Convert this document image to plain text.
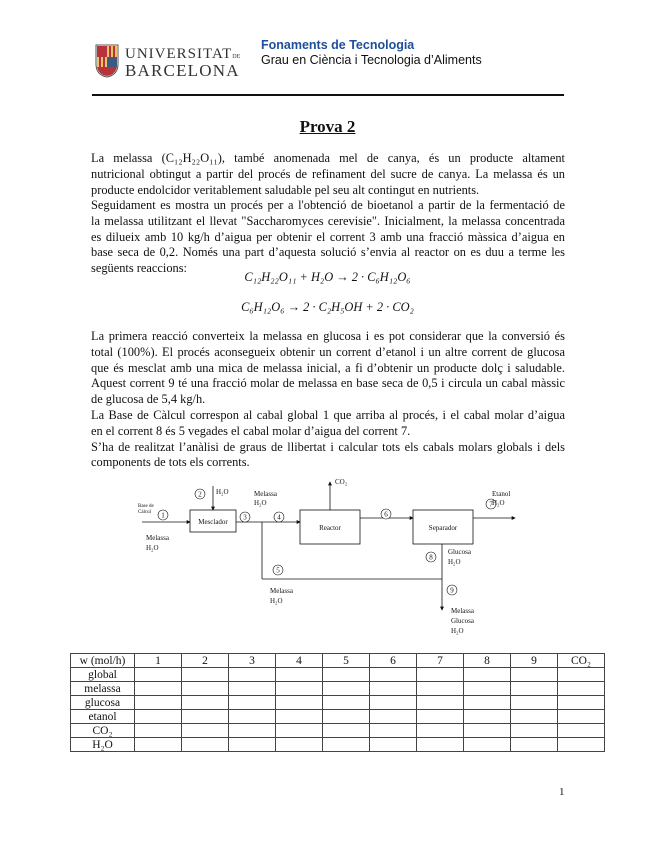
UNIVERSITATDE
BARCELONA
Fonaments de Tecnologia
Grau en Ciència i Tecnologia d’Aliments
Prova 2

La melassa (C₁₂H₂₂O₁₁), també anomenada mel de canya, és un producte altament

nutricional obtingut a partir del procés de refinament del sucre de canya. La melassa és un

producte endolcidor veritablement saludable pel seu alt contingut en nutrients.

Seguidament es mostra un procés per a l'obtenció de bioetanol a partir de la fermentació de

la melassa utilitzant el llevat "Saccharomyces cerevisie". Inicialment, la melassa concentrada

es dilueix amb 10 kg/h d’aigua per obtenir el corrent 3 amb una fracció màssica d’aigua en

base seca de 0,2. Només una part d’aquesta solució s’envia al reactor on es duu a terme les

següents reaccions:

C₁₂H₂₂O₁₁ + H₂O → 2 · C₆H₁₂O₆
C₆H₁₂O₆ → 2 · C₂H₅OH + 2 · CO₂

La primera reacció converteix la melassa en glucosa i es pot considerar que la conversió és

total (100%). El procés aconsegueix obtenir un corrent d’etanol i un altre corrent de glucosa

que és mesclat amb una mica de melassa inicial, a fi d’obtenir un producte dolç i saludable.

Aquest corrent 9 té una fracció molar de melassa en base seca de 0,5 i circula un cabal màssic

de glucosa de 5,4 kg/h.

La Base de Càlcul correspon al cabal global 1 que arriba al procés, i el cabal molar d’aigua

en el corrent 8 és 5 vegades el cabal molar d’aigua del corrent 7.

S’ha de realitzat l’anàlisi de graus de llibertat i calcular tots els cabals molars globals i dels

components de tots els corrents.

Mesclador
Reactor	Separador
1
2
3	4
5
6
7
8
9
Base de
Càlcul
Melassa
H₂O
H₂O	Melassa
H₂O
CO₂
Etanol
H₂O
Glucosa
H₂O
Melassa
H₂O
Melassa
Glucosa
H₂O
w (mol/h)	1	2	3	4	5	6	7	8	9	CO₂
global										
melassa										
glucosa										
etanol										
CO₂										
H₂O										
1
